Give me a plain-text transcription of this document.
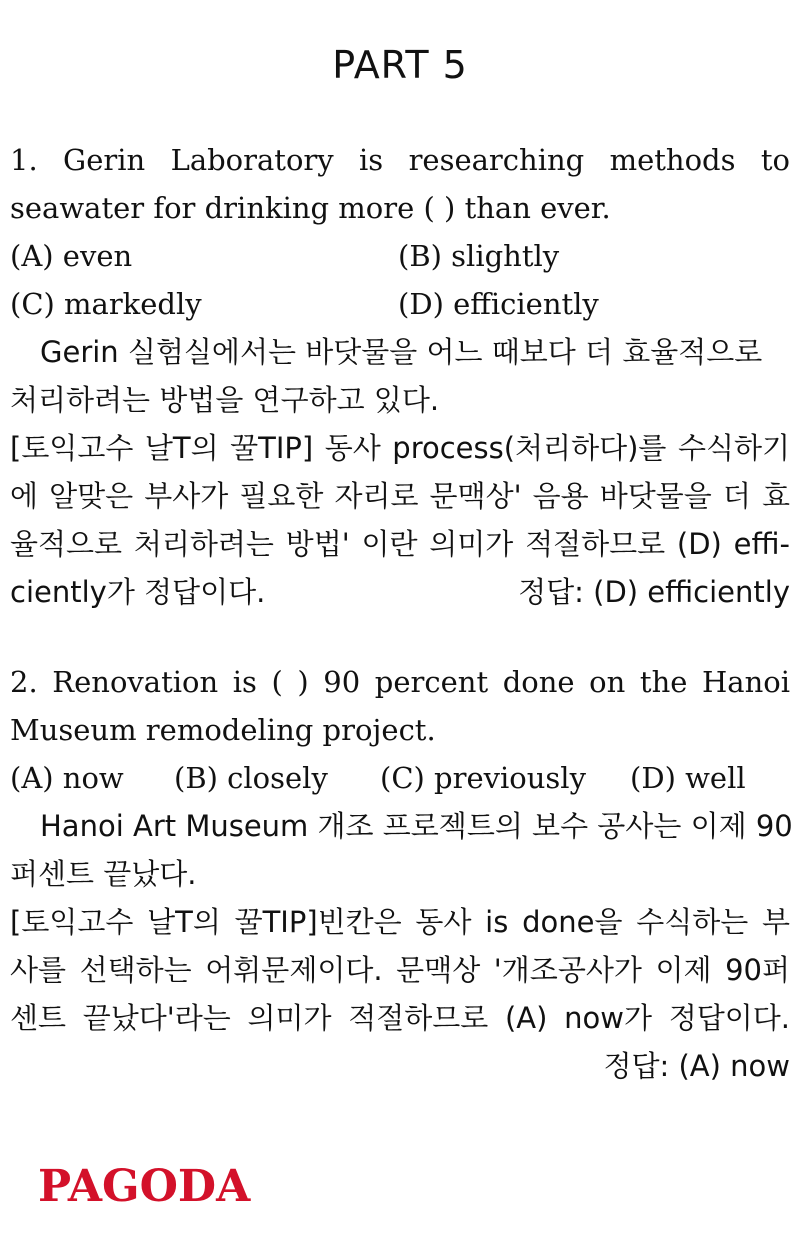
PART 5
1. Gerin Laboratory is researching methods to
seawater for drinking more ( ) than ever.
(A) even	(B) slightly
(C) markedly	(D) efficiently
Gerin 실험실에서는 바닷물을 어느 때보다 더 효율적으로
처리하려는 방법을 연구하고 있다.
[토익고수 날T의 꿀TIP] 동사 process(처리하다)를 수식하기
에 알맞은 부사가 필요한 자리로 문맥상' 음용 바닷물을 더 효
율적으로 처리하려는 방법' 이란 의미가 적절하므로 (D) effi-
ciently가 정답이다.	정답: (D) efficiently
2. Renovation is ( ) 90 percent done on the Hanoi
Museum remodeling project.
(A) now (B) closely (C) previously (D) well
Hanoi Art Museum 개조 프로젝트의 보수 공사는 이제 90
퍼센트 끝났다.
[토익고수 날T의 꿀TIP]빈칸은 동사 is done을 수식하는 부
사를 선택하는 어휘문제이다. 문맥상 '개조공사가 이제 90퍼
센트 끝났다'라는 의미가 적절하므로 (A) now가 정답이다.
정답: (A) now
PAGODA
